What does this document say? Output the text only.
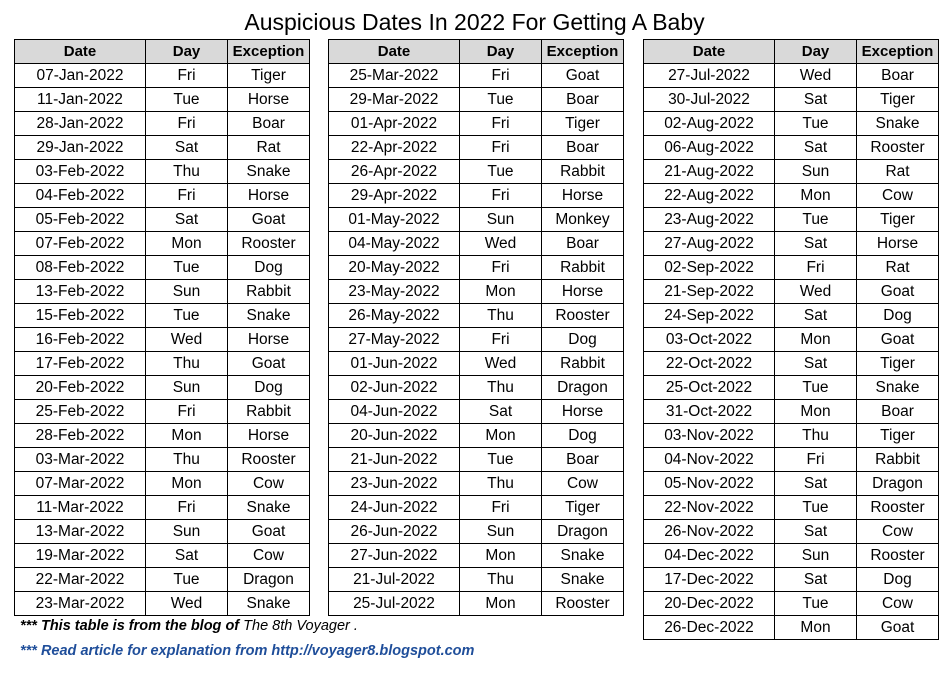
Auspicious Dates In 2022 For Getting A Baby
Date	Day	Exception
07-Jan-2022	Fri	Tiger
11-Jan-2022	Tue	Horse
28-Jan-2022	Fri	Boar
29-Jan-2022	Sat	Rat
03-Feb-2022	Thu	Snake
04-Feb-2022	Fri	Horse
05-Feb-2022	Sat	Goat
07-Feb-2022	Mon	Rooster
08-Feb-2022	Tue	Dog
13-Feb-2022	Sun	Rabbit
15-Feb-2022	Tue	Snake
16-Feb-2022	Wed	Horse
17-Feb-2022	Thu	Goat
20-Feb-2022	Sun	Dog
25-Feb-2022	Fri	Rabbit
28-Feb-2022	Mon	Horse
03-Mar-2022	Thu	Rooster
07-Mar-2022	Mon	Cow
11-Mar-2022	Fri	Snake
13-Mar-2022	Sun	Goat
19-Mar-2022	Sat	Cow
22-Mar-2022	Tue	Dragon
23-Mar-2022	Wed	Snake
Date	Day	Exception
25-Mar-2022	Fri	Goat
29-Mar-2022	Tue	Boar
01-Apr-2022	Fri	Tiger
22-Apr-2022	Fri	Boar
26-Apr-2022	Tue	Rabbit
29-Apr-2022	Fri	Horse
01-May-2022	Sun	Monkey
04-May-2022	Wed	Boar
20-May-2022	Fri	Rabbit
23-May-2022	Mon	Horse
26-May-2022	Thu	Rooster
27-May-2022	Fri	Dog
01-Jun-2022	Wed	Rabbit
02-Jun-2022	Thu	Dragon
04-Jun-2022	Sat	Horse
20-Jun-2022	Mon	Dog
21-Jun-2022	Tue	Boar
23-Jun-2022	Thu	Cow
24-Jun-2022	Fri	Tiger
26-Jun-2022	Sun	Dragon
27-Jun-2022	Mon	Snake
21-Jul-2022	Thu	Snake
25-Jul-2022	Mon	Rooster
Date	Day	Exception
27-Jul-2022	Wed	Boar
30-Jul-2022	Sat	Tiger
02-Aug-2022	Tue	Snake
06-Aug-2022	Sat	Rooster
21-Aug-2022	Sun	Rat
22-Aug-2022	Mon	Cow
23-Aug-2022	Tue	Tiger
27-Aug-2022	Sat	Horse
02-Sep-2022	Fri	Rat
21-Sep-2022	Wed	Goat
24-Sep-2022	Sat	Dog
03-Oct-2022	Mon	Goat
22-Oct-2022	Sat	Tiger
25-Oct-2022	Tue	Snake
31-Oct-2022	Mon	Boar
03-Nov-2022	Thu	Tiger
04-Nov-2022	Fri	Rabbit
05-Nov-2022	Sat	Dragon
22-Nov-2022	Tue	Rooster
26-Nov-2022	Sat	Cow
04-Dec-2022	Sun	Rooster
17-Dec-2022	Sat	Dog
20-Dec-2022	Tue	Cow
26-Dec-2022	Mon	Goat
*** This table is from the blog of The 8th Voyager .
*** Read article for explanation from http://voyager8.blogspot.com
